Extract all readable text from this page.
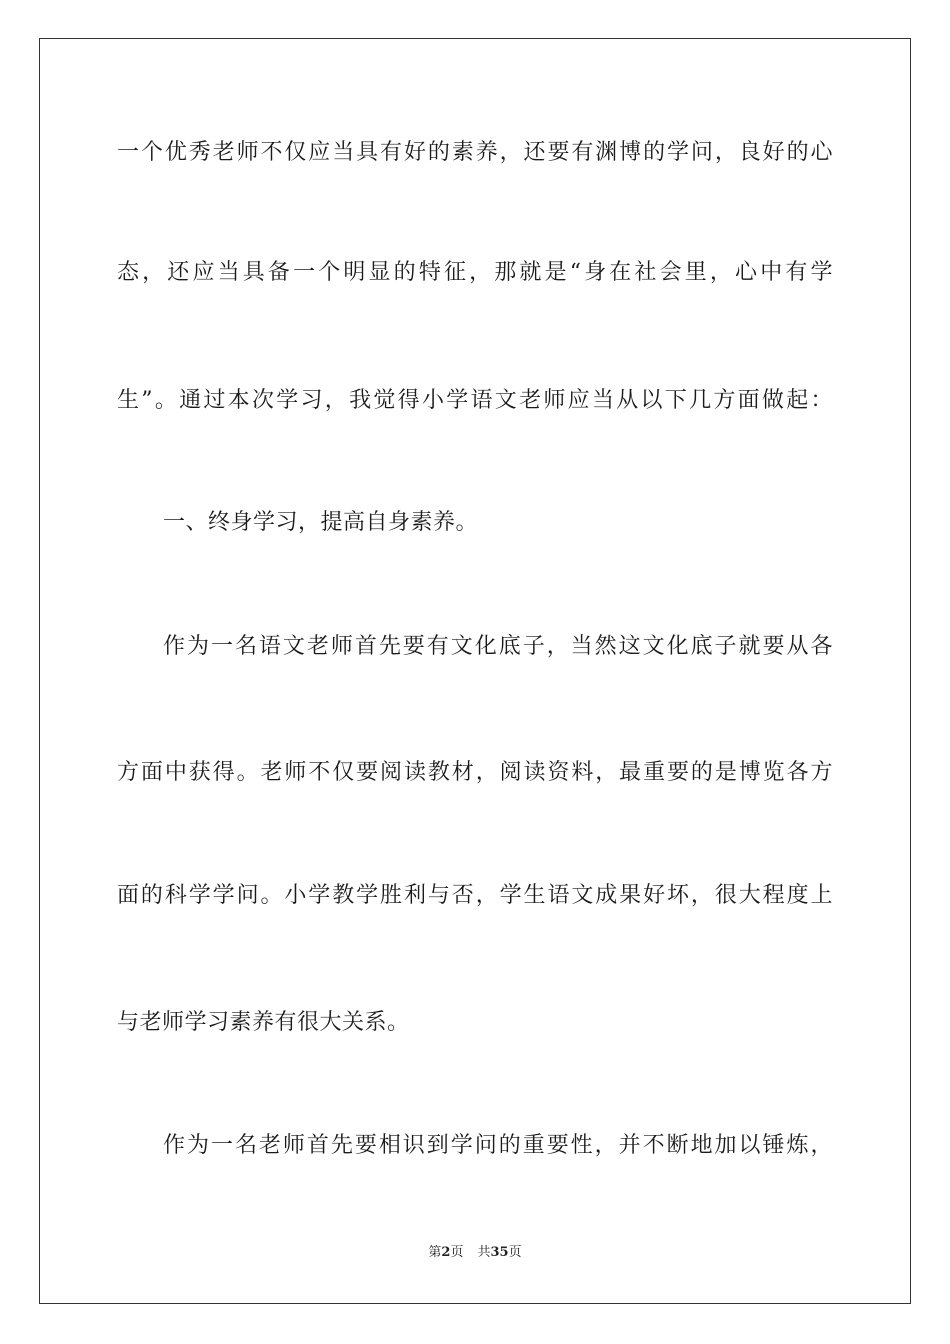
一个优秀老师不仅应当具有好的素养，还要有渊博的学问，良好的心
态，还应当具备一个明显的特征，那就是“身在社会里，心中有学
生”。通过本次学习，我觉得小学语文老师应当从以下几方面做起：
一、终身学习，提高自身素养。
作为一名语文老师首先要有文化底子，当然这文化底子就要从各
方面中获得。老师不仅要阅读教材，阅读资料，最重要的是博览各方
面的科学学问。小学教学胜利与否，学生语文成果好坏，很大程度上
与老师学习素养有很大关系。
作为一名老师首先要相识到学问的重要性，并不断地加以锤炼，
第2页 共35页
